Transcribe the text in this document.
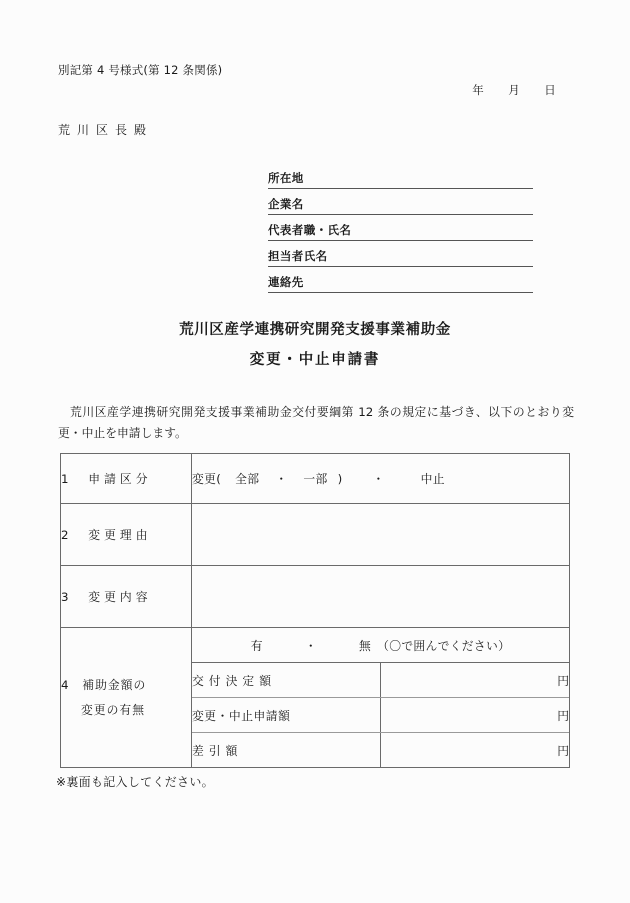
別記第 4 号様式(第 12 条関係)
年 月 日
荒川区長殿
所在地
企業名
代表者職・氏名
担当者氏名
連絡先
荒川区産学連携研究開発支援事業補助金
変更・中止申請書
荒川区産学連携研究開発支援事業補助金交付要綱第 12 条の規定に基づき、以下のとおり変更・中止を申請します。
1　申請区分	変更( 全部 ・ 一部 )	・	中止
2　変更理由	
3　変更内容	
4　補助金額の
変更の有無

有	・	無 （〇で囲んでください）
交付決定額	円
変更・中止申請額	円
差引額	円
※裏面も記入してください。
